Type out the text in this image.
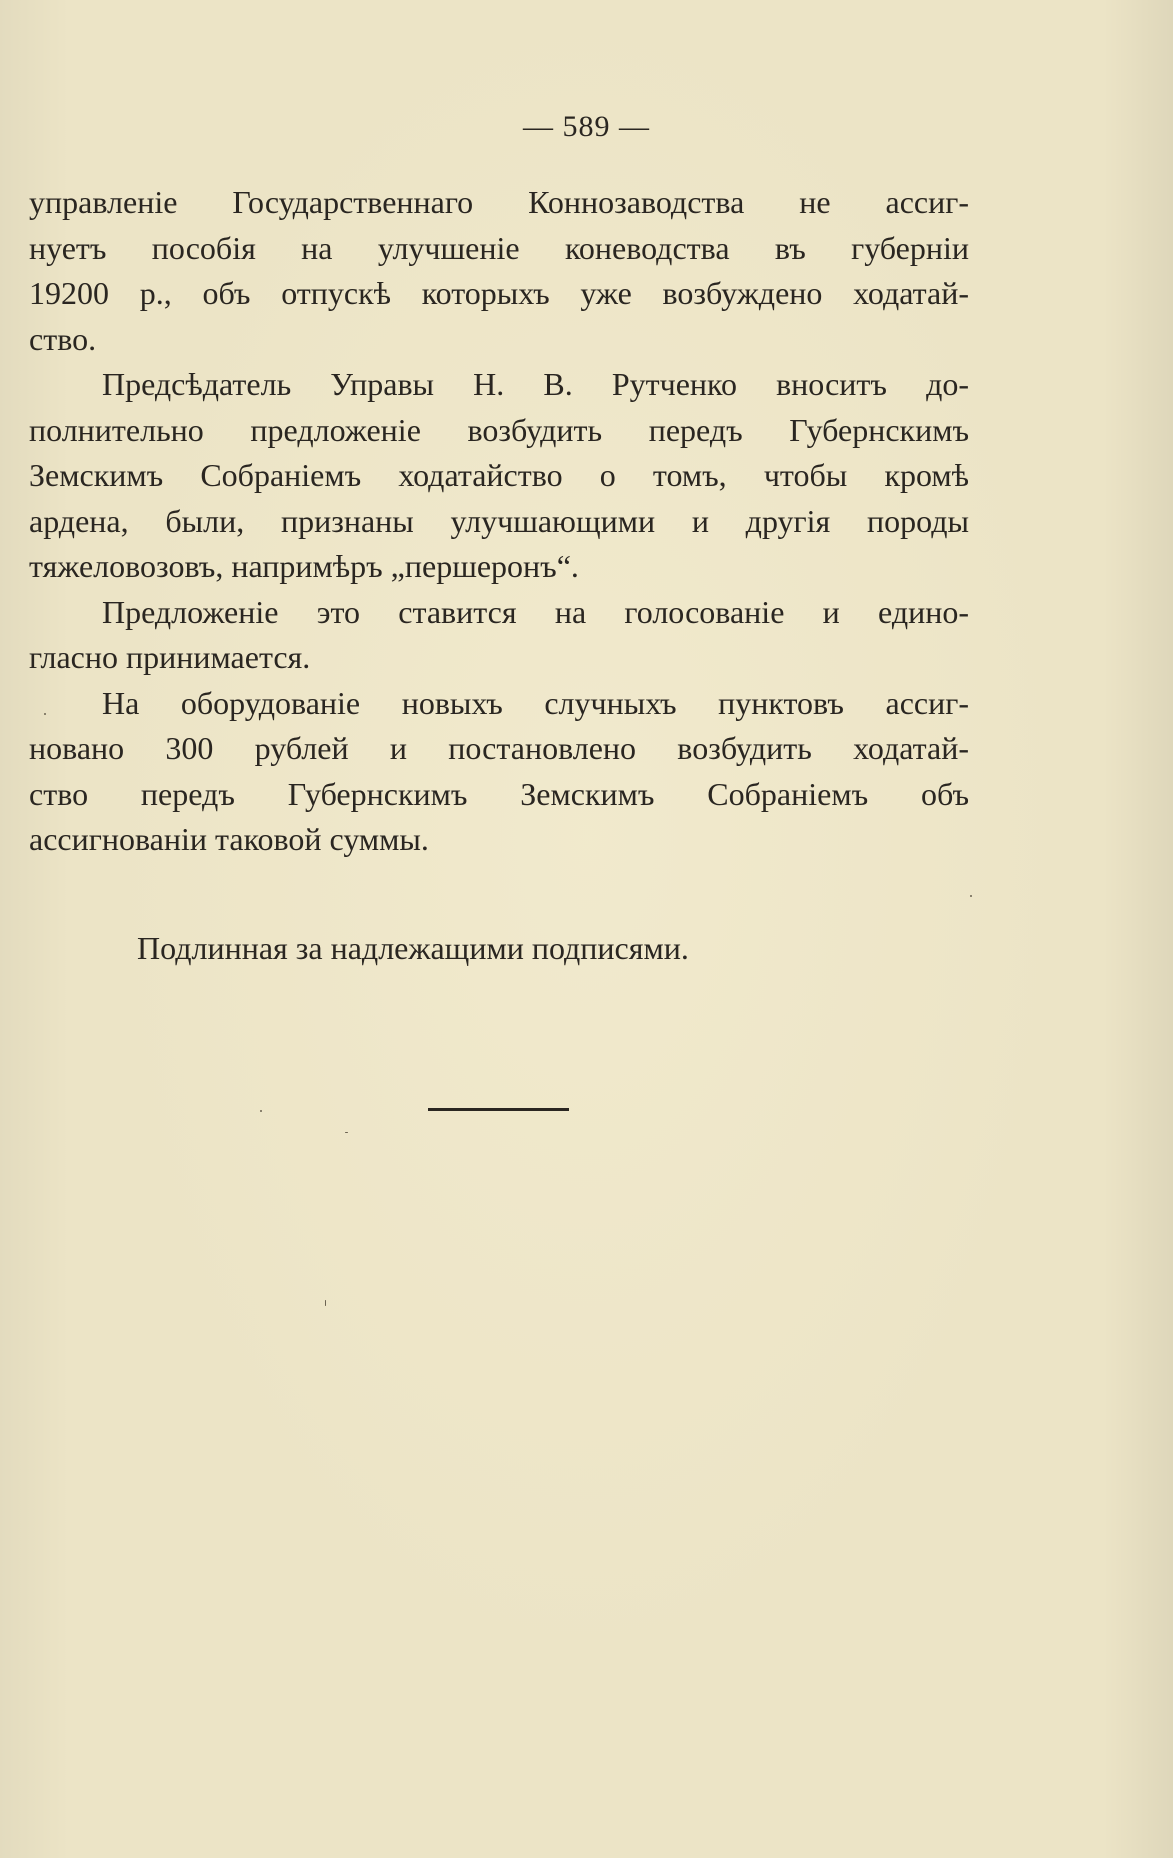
— 589 —
управленіе Государственнаго Коннозаводства не ассиг-
нуетъ пособія на улучшеніе коневодства въ губерніи
19200 р., объ отпускѣ которыхъ уже возбуждено ходатай-
ство.
Предсѣдатель Управы Н. В. Рутченко вноситъ до-
полнительно предложеніе возбудить передъ Губернскимъ
Земскимъ Собраніемъ ходатайство о томъ, чтобы кромѣ
ардена, были, признаны улучшающими и другія породы
тяжеловозовъ, напримѣръ „першеронъ“.
Предложеніе это ставится на голосованіе и едино-
гласно принимается.
На оборудованіе новыхъ случныхъ пунктовъ ассиг-
новано 300 рублей и постановлено возбудить ходатай-
ство передъ Губернскимъ Земскимъ Собраніемъ объ
ассигнованіи таковой суммы.
Подлинная за надлежащими подписями.
